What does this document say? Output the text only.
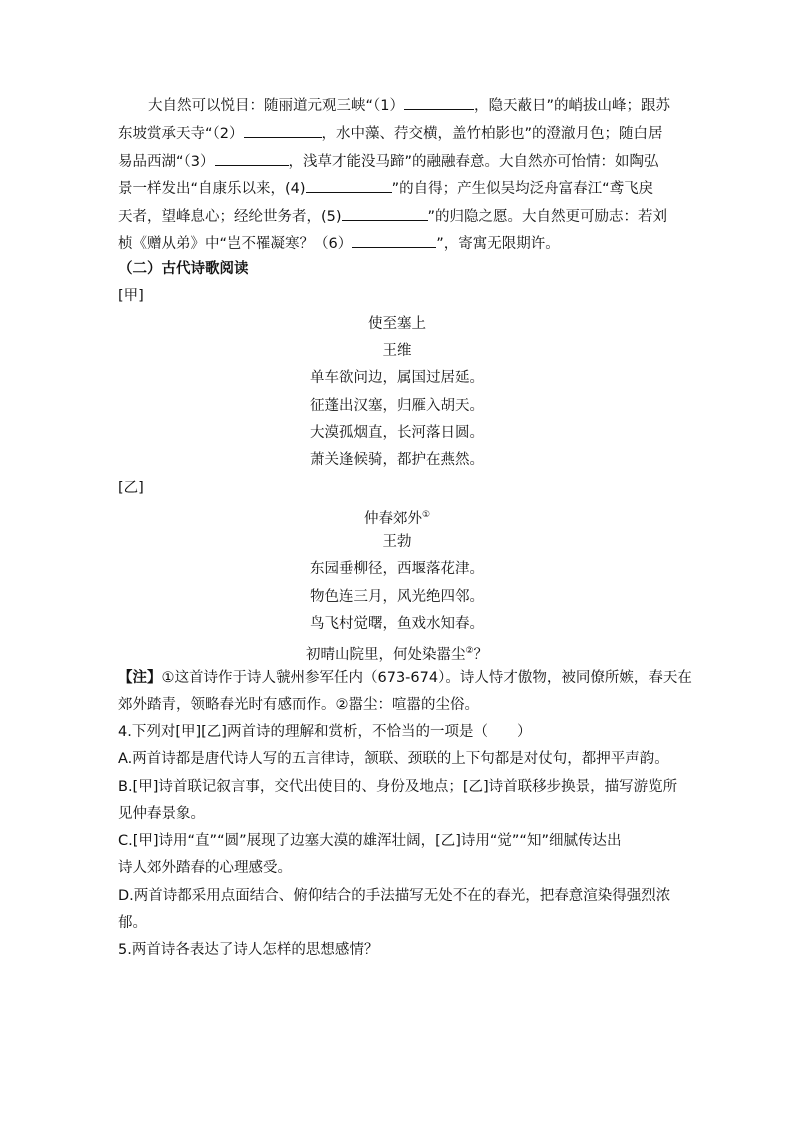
大自然可以悦目：随丽道元观三峡“（1）	，隐天蔽日”的峭拔山峰；跟苏
东坡赏承天寺“（2）	，水中藻、荇交横，盖竹柏影也”的澄澈月色；随白居
易品西湖“（3）	，浅草才能没马蹄”的融融春意。大自然亦可怡情：如陶弘
景一样发出“自康乐以来，(4)	”的自得；产生似吴均泛舟富春江“鸢飞戾
天者，望峰息心；经纶世务者，(5)	”的归隐之愿。大自然更可励志：若刘
桢《赠从弟》中“岂不罹凝寒？（6）	”，寄寓无限期许。
（二）古代诗歌阅读
[甲]
使至塞上
王维
单车欲问边，属国过居延。
征蓬出汉塞，归雁入胡天。
大漠孤烟直，长河落日圆。
萧关逢候骑，都护在燕然。
[乙]
仲春郊外①
王勃
东园垂柳径，西堰落花津。
物色连三月，风光绝四邻。
鸟飞村觉曙，鱼戏水知春。
初晴山院里，何处染嚣尘②？
【注】①这首诗作于诗人虢州参军任内（673-674）。诗人恃才傲物，被同僚所嫉，春天在
郊外踏青，领略春光时有感而作。②嚣尘：喧嚣的尘俗。
4.下列对[甲][乙]两首诗的理解和赏析，不恰当的一项是（　　）
A.两首诗都是唐代诗人写的五言律诗，颔联、颈联的上下句都是对仗句，都押平声韵。
B.[甲]诗首联记叙言事，交代出使目的、身份及地点；[乙]诗首联移步换景，描写游览所
见仲春景象。
C.[甲]诗用“直”“圆”展现了边塞大漠的雄浑壮阔，[乙]诗用“觉”“知”细腻传达出
诗人郊外踏春的心理感受。
D.两首诗都采用点面结合、俯仰结合的手法描写无处不在的春光，把春意渲染得强烈浓
郁。
5.两首诗各表达了诗人怎样的思想感情？
